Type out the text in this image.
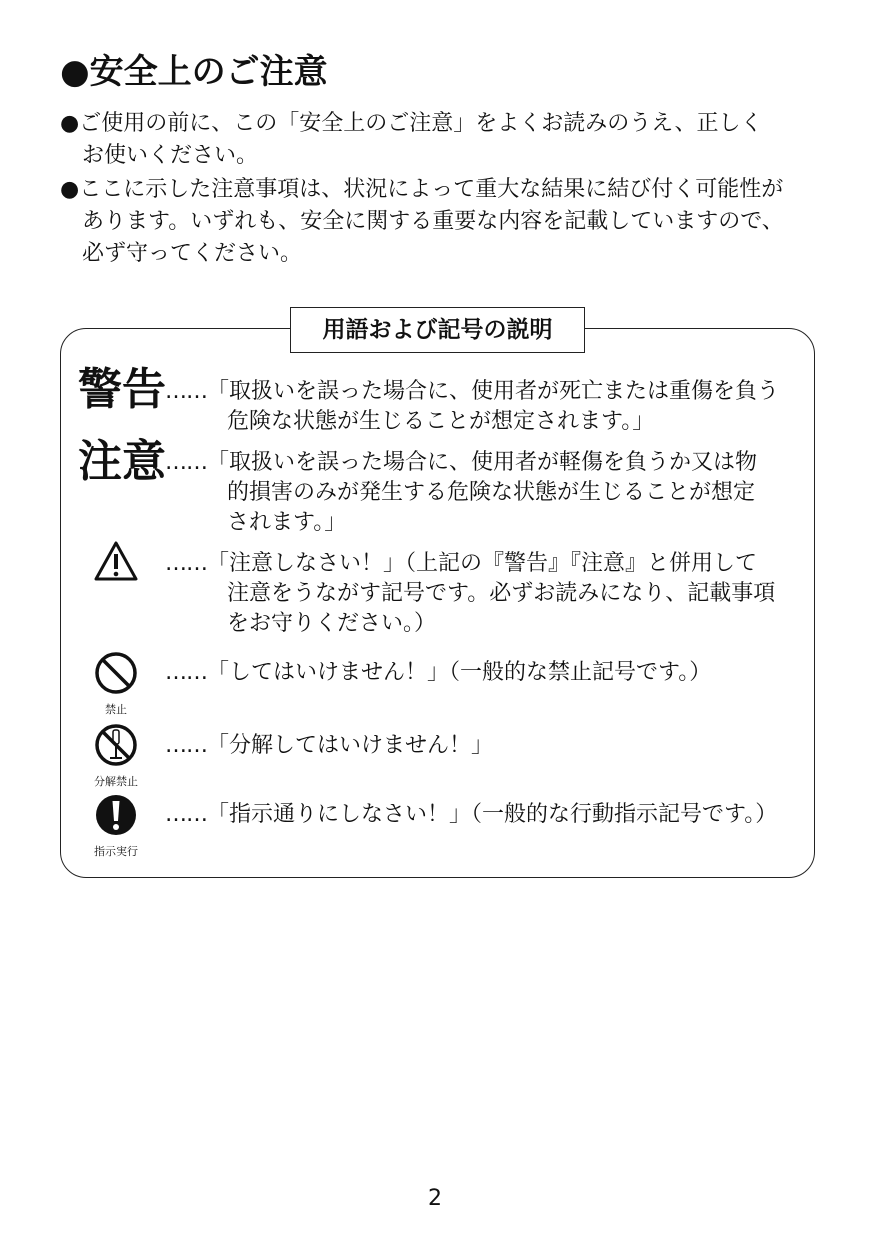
●安全上のご注意
●ご使用の前に、この「安全上のご注意」をよくお読みのうえ、正しく
お使いください。
●ここに示した注意事項は、状況によって重大な結果に結び付く可能性が
あります。いずれも、安全に関する重要な内容を記載していますので、
必ず守ってください。
用語および記号の説明
警告 ……「取扱いを誤った場合に、使用者が死亡または重傷を負う
危険な状態が生じることが想定されます。」
注意 ……「取扱いを誤った場合に、使用者が軽傷を負うか又は物
的損害のみが発生する危険な状態が生じることが想定
されます。」
……「注意しなさい！」（上記の『警告』『注意』と併用して
注意をうながす記号です。必ずお読みになり、記載事項
をお守りください。）
禁止
……「してはいけません！」（一般的な禁止記号です。）
分解禁止
……「分解してはいけません！」
指示実行
……「指示通りにしなさい！」（一般的な行動指示記号です。）
2
